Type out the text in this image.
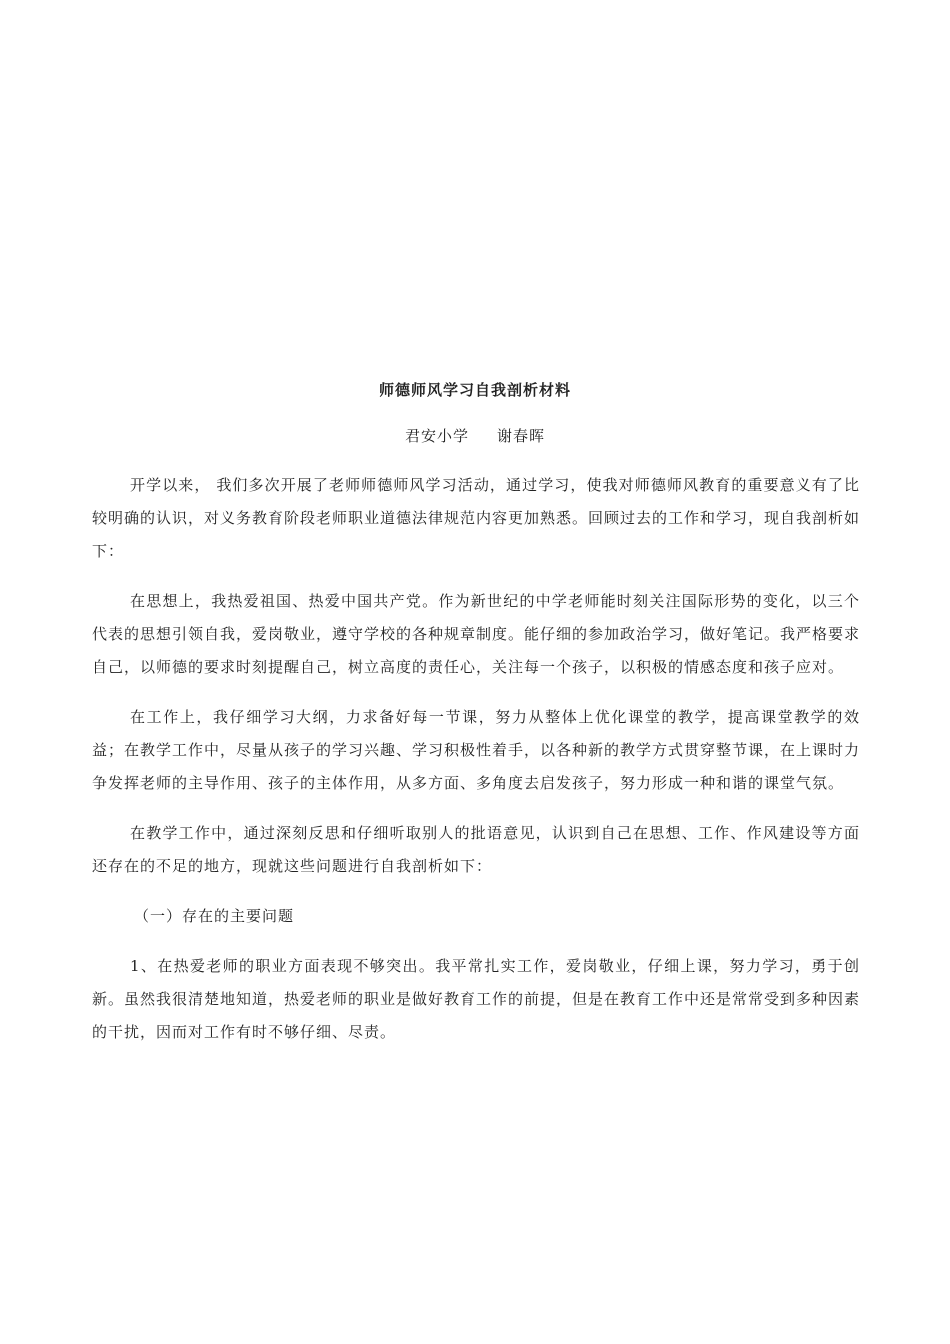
师德师风学习自我剖析材料
君安小学 谢春晖

开学以来， 我们多次开展了老师师德师风学习活动，通过学习，使我对师德师风教育的重要意义有了比较明确的认识，对义务教育阶段老师职业道德法律规范内容更加熟悉。回顾过去的工作和学习，现自我剖析如下：

在思想上，我热爱祖国、热爱中国共产党。作为新世纪的中学老师能时刻关注国际形势的变化，以三个代表的思想引领自我，爱岗敬业，遵守学校的各种规章制度。能仔细的参加政治学习，做好笔记。我严格要求自己，以师德的要求时刻提醒自己，树立高度的责任心，关注每一个孩子，以积极的情感态度和孩子应对。

在工作上，我仔细学习大纲，力求备好每一节课，努力从整体上优化课堂的教学，提高课堂教学的效益；在教学工作中，尽量从孩子的学习兴趣、学习积极性着手，以各种新的教学方式贯穿整节课，在上课时力争发挥老师的主导作用、孩子的主体作用，从多方面、多角度去启发孩子，努力形成一种和谐的课堂气氛。

在教学工作中，通过深刻反思和仔细听取别人的批语意见，认识到自己在思想、工作、作风建设等方面还存在的不足的地方，现就这些问题进行自我剖析如下：

（一）存在的主要问题

1、在热爱老师的职业方面表现不够突出。我平常扎实工作，爱岗敬业，仔细上课，努力学习，勇于创新。虽然我很清楚地知道，热爱老师的职业是做好教育工作的前提，但是在教育工作中还是常常受到多种因素的干扰，因而对工作有时不够仔细、尽责。
